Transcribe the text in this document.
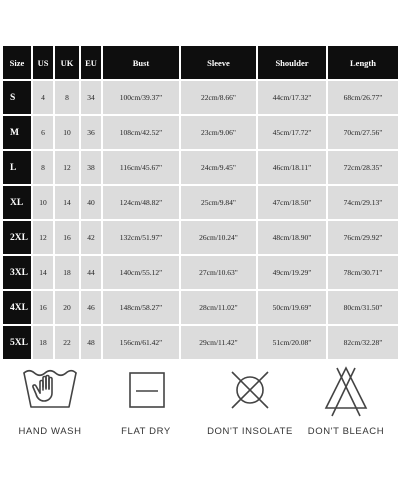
Size	US	UK	EU	Bust	Sleeve	Shoulder	Length
S	4	8	34	100cm/39.37"	22cm/8.66"	44cm/17.32"	68cm/26.77"
M	6	10	36	108cm/42.52"	23cm/9.06"	45cm/17.72"	70cm/27.56"
L	8	12	38	116cm/45.67"	24cm/9.45"	46cm/18.11"	72cm/28.35"
XL	10	14	40	124cm/48.82"	25cm/9.84"	47cm/18.50"	74cm/29.13"
2XL	12	16	42	132cm/51.97"	26cm/10.24"	48cm/18.90"	76cm/29.92"
3XL	14	18	44	140cm/55.12"	27cm/10.63"	49cm/19.29"	78cm/30.71"
4XL	16	20	46	148cm/58.27"	28cm/11.02"	50cm/19.69"	80cm/31.50"
5XL	18	22	48	156cm/61.42"	29cm/11.42"	51cm/20.08"	82cm/32.28"
HAND WASH	FLAT DRY	DON'T INSOLATE	DON'T BLEACH
